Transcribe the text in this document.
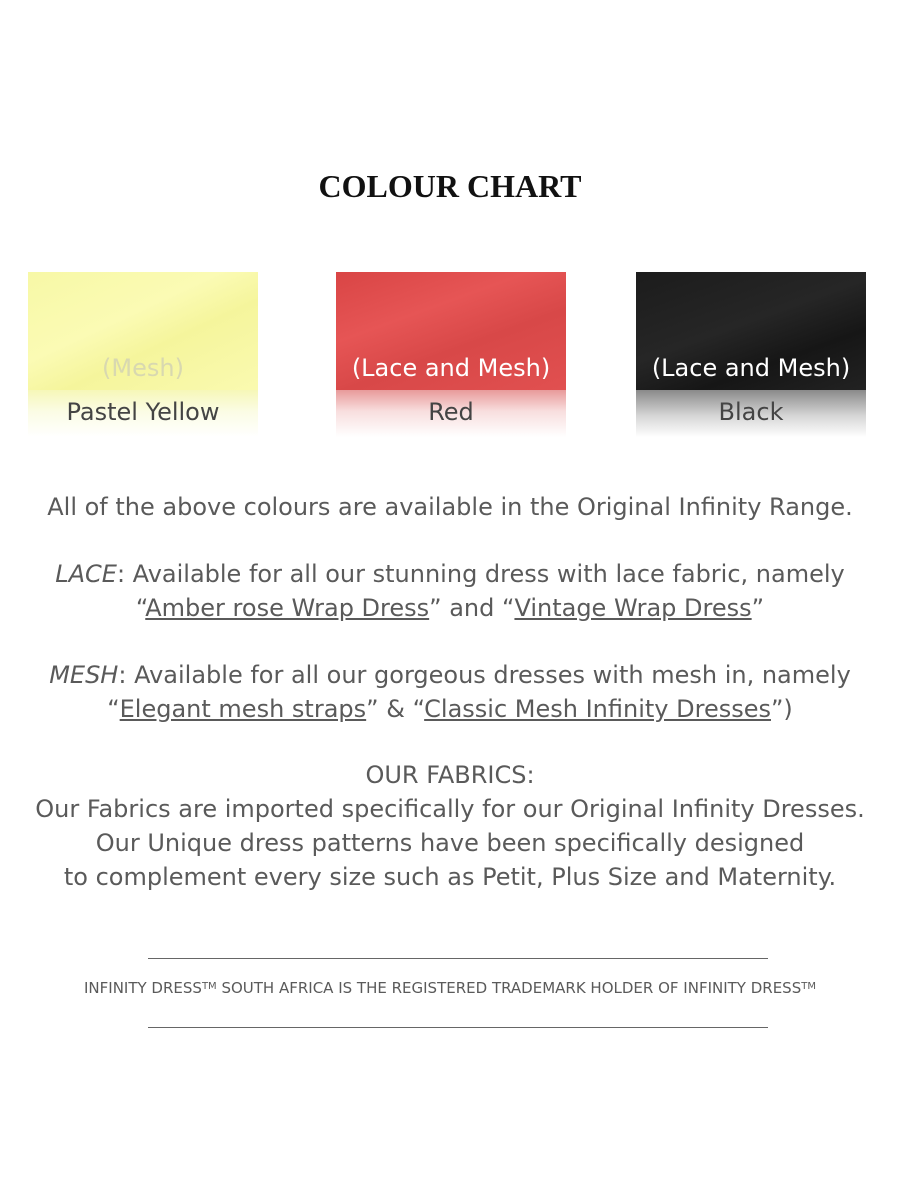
COLOUR CHART
(Mesh)
Pastel Yellow
(Lace and Mesh)
Red
(Lace and Mesh)
Black
All of the above colours are available in the Original Infinity Range.
LACE: Available for all our stunning dress with lace fabric, namely
“Amber rose Wrap Dress” and “Vintage Wrap Dress”
MESH: Available for all our gorgeous dresses with mesh in, namely
“Elegant mesh straps” & “Classic Mesh Infinity Dresses”)
OUR FABRICS:
Our Fabrics are imported specifically for our Original Infinity Dresses.
Our Unique dress patterns have been specifically designed
to complement every size such as Petit, Plus Size and Maternity.
INFINITY DRESS™ SOUTH AFRICA IS THE REGISTERED TRADEMARK HOLDER OF INFINITY DRESS™
